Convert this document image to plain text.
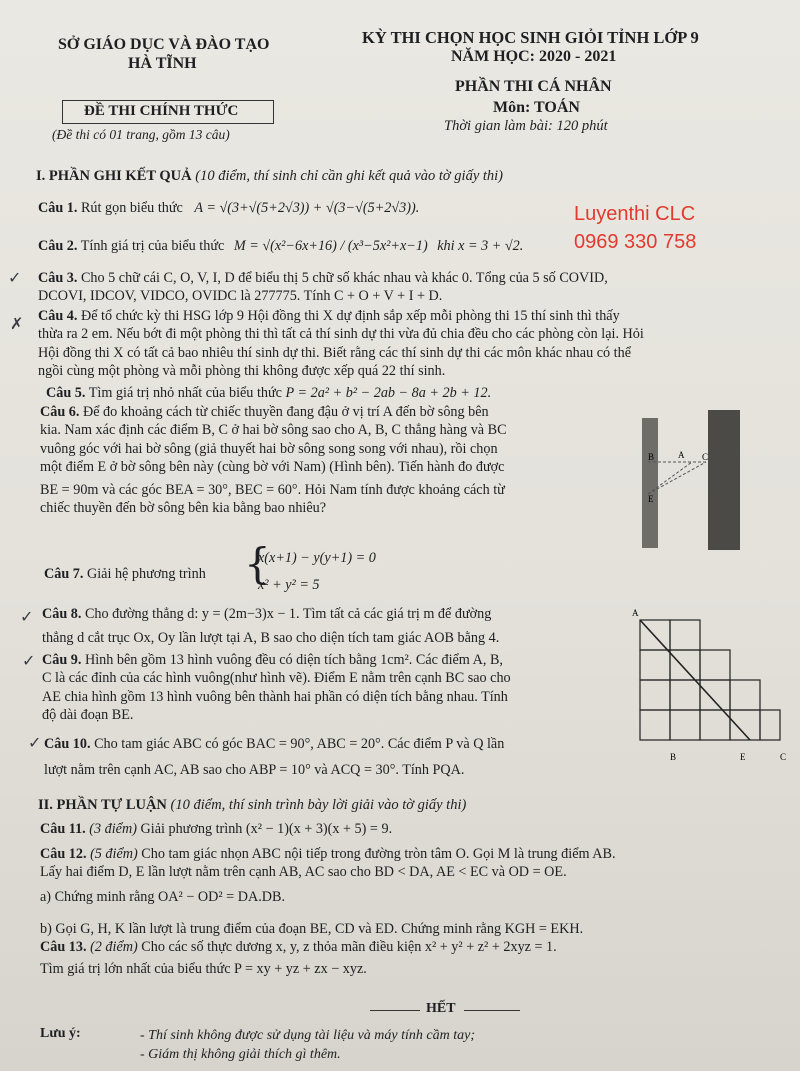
SỞ GIÁO DỤC VÀ ĐÀO TẠO
HÀ TĨNH
ĐỀ THI CHÍNH THỨC
(Đề thi có 01 trang, gồm 13 câu)
KỲ THI CHỌN HỌC SINH GIỎI TỈNH LỚP 9
NĂM HỌC: 2020 - 2021
PHẦN THI CÁ NHÂN
Môn: TOÁN
Thời gian làm bài: 120 phút
Luyenthi CLC
0969 330 758
I. PHẦN GHI KẾT QUẢ (10 điểm, thí sinh chỉ cần ghi kết quả vào tờ giấy thi)
Câu 1. Rút gọn biểu thức A = √(3+√(5+2√3)) + √(3−√(5+2√3)).
Câu 2. Tính giá trị của biểu thức M = √(x²−6x+16) / (x³−5x²+x−1) khi x = 3 + √2.
✓ Câu 3. Cho 5 chữ cái C, O, V, I, D để biểu thị 5 chữ số khác nhau và khác 0. Tổng của 5 số COVID,
DCOVI, IDCOV, VIDCO, OVIDC là 277775. Tính C + O + V + I + D.
✗ Câu 4. Để tổ chức kỳ thi HSG lớp 9 Hội đồng thi X dự định sắp xếp mỗi phòng thi 15 thí sinh thì thấy
thừa ra 2 em. Nếu bớt đi một phòng thi thì tất cả thí sinh dự thi vừa đủ chia đều cho các phòng còn lại. Hỏi
Hội đồng thi X có tất cả bao nhiêu thí sinh dự thi. Biết rằng các thí sinh dự thi các môn khác nhau có thể
ngồi cùng một phòng và mỗi phòng thi không được xếp quá 22 thí sinh.
Câu 5. Tìm giá trị nhỏ nhất của biểu thức P = 2a² + b² − 2ab − 8a + 2b + 12.
Câu 6. Để đo khoảng cách từ chiếc thuyền đang đậu ở vị trí A đến bờ sông bên
kia. Nam xác định các điểm B, C ở hai bờ sông sao cho A, B, C thẳng hàng và BC
vuông góc với hai bờ sông (giả thuyết hai bờ sông song song với nhau), rồi chọn
một điểm E ở bờ sông bên này (cùng bờ với Nam) (Hình bên). Tiến hành đo được
BE = 90m và các góc BEA = 30°, BEC = 60°. Hỏi Nam tính được khoảng cách từ
chiếc thuyền đến bờ sông bên kia bằng bao nhiêu?
B	A C
E
Câu 7. Giải hệ phương trình {
x(x+1) − y(y+1) = 0
x² + y² = 5
✓ Câu 8. Cho đường thẳng d: y = (2m−3)x − 1. Tìm tất cả các giá trị m để đường
thẳng d cắt trục Ox, Oy lần lượt tại A, B sao cho diện tích tam giác AOB bằng 4.
✓ Câu 9. Hình bên gồm 13 hình vuông đều có diện tích bằng 1cm². Các điểm A, B,
C là các đỉnh của các hình vuông(như hình vẽ). Điểm E nằm trên cạnh BC sao cho
AE chia hình gồm 13 hình vuông bên thành hai phần có diện tích bằng nhau. Tính
độ dài đoạn BE.
A
B	E	C
✓ Câu 10. Cho tam giác ABC có góc BAC = 90°, ABC = 20°. Các điểm P và Q lần
lượt nằm trên cạnh AC, AB sao cho ABP = 10° và ACQ = 30°. Tính PQA.
II. PHẦN TỰ LUẬN (10 điểm, thí sinh trình bày lời giải vào tờ giấy thi)
Câu 11. (3 điểm) Giải phương trình (x² − 1)(x + 3)(x + 5) = 9.
Câu 12. (5 điểm) Cho tam giác nhọn ABC nội tiếp trong đường tròn tâm O. Gọi M là trung điểm AB.
Lấy hai điểm D, E lần lượt nằm trên cạnh AB, AC sao cho BD < DA, AE < EC và OD = OE.
a) Chứng minh rằng OA² − OD² = DA.DB.
b) Gọi G, H, K lần lượt là trung điểm của đoạn BE, CD và ED. Chứng minh rằng KGH = EKH.
Câu 13. (2 điểm) Cho các số thực dương x, y, z thỏa mãn điều kiện x² + y² + z² + 2xyz = 1.
Tìm giá trị lớn nhất của biểu thức P = xy + yz + zx − xyz.
HẾT
Lưu ý:	- Thí sinh không được sử dụng tài liệu và máy tính cầm tay;
- Giám thị không giải thích gì thêm.
